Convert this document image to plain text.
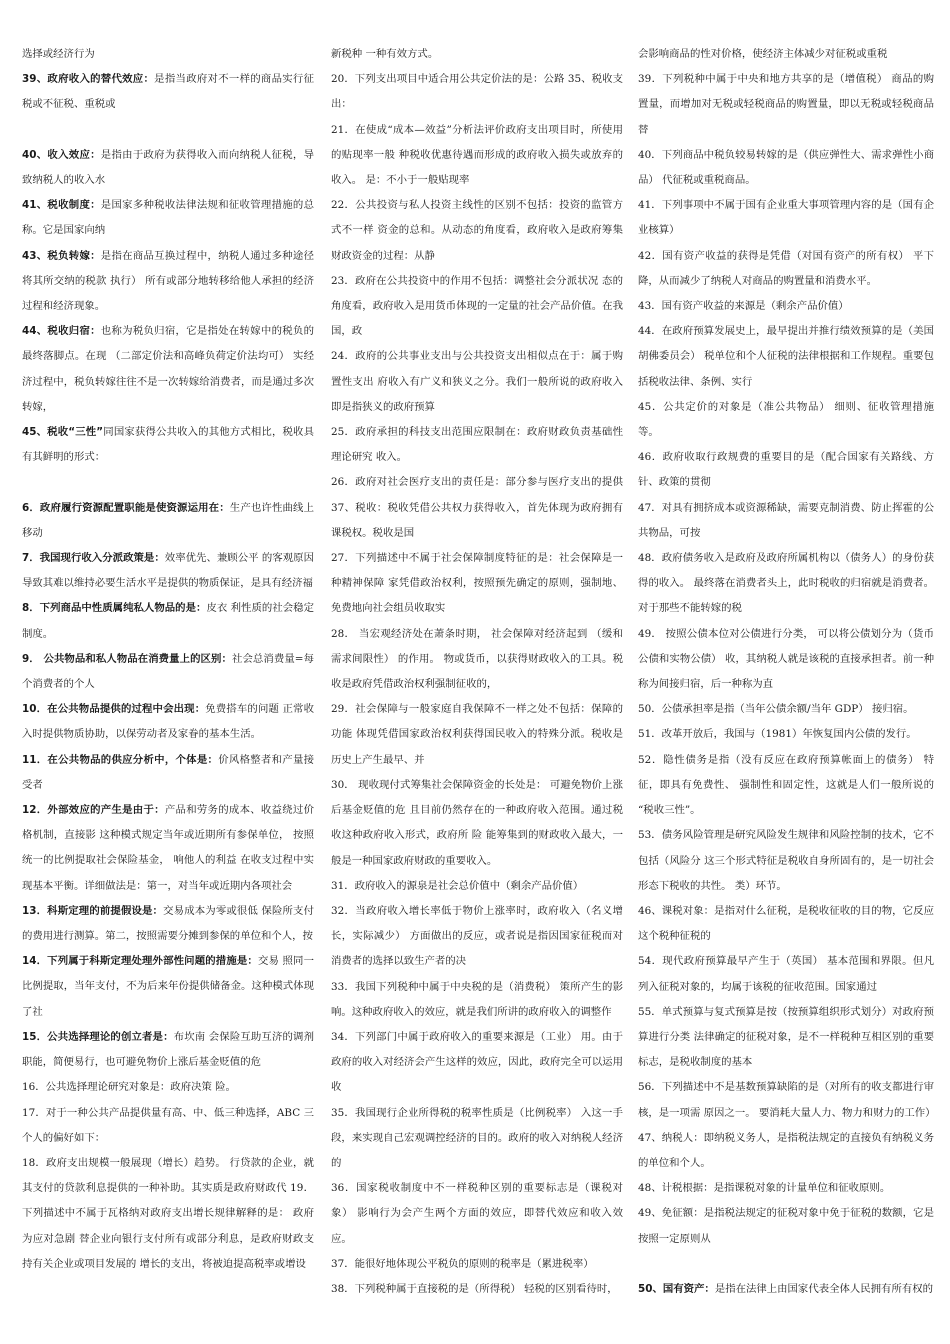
选择或经济行为

39、政府收入的替代效应：是指当政府对不一样的商品实行征税或不征税、重税或

40、收入效应：是指由于政府为获得收入而向纳税人征税，导致纳税人的收入水

41、税收制度：是国家多种税收法律法规和征收管理措施的总称。它是国家向纳

43、税负转嫁：是指在商品互换过程中，纳税人通过多种途径将其所交纳的税款 执行） 所有或部分地转移给他人承担的经济过程和经济现象。

44、税收归宿：也称为税负归宿，它是指处在转嫁中的税负的最终落脚点。在现 （二部定价法和高峰负荷定价法均可） 实经济过程中，税负转嫁往往不是一次转嫁给消费者，而是通过多次转嫁，

45、税收“三性”同国家获得公共收入的其他方式相比，税收具有其鲜明的形式：

6．政府履行资源配置职能是使资源运用在：生产也许性曲线上移动

7．我国现行收入分派政策是：效率优先、兼顾公平 的客观原因导致其难以维持必要生活水平是提供的物质保证，是具有经济福

8．下列商品中性质属纯私人物品的是：皮衣 利性质的社会稳定制度。

9． 公共物品和私人物品在消费量上的区别：社会总消费量=每个消费者的个人

10．在公共物品提供的过程中会出现：免费搭车的问题 正常收入时提供物质协助，以保劳动者及家眷的基本生活。

11．在公共物品的供应分析中，个体是：价风格整者和产量接受者

12．外部效应的产生是由于：产品和劳务的成本、收益绕过价格机制，直接影 这种模式规定当年或近期所有参保单位， 按照统一的比例提取社会保险基金， 响他人的利益 在收支过程中实现基本平衡。详细做法是：第一，对当年或近期内各项社会

13．科斯定理的前提假设是：交易成本为零或很低 保险所支付的费用进行测算。第二，按照需要分摊到参保的单位和个人，按

14．下列属于科斯定理处理外部性问题的措施是：交易 照同一比例提取，当年支付，不为后来年份提供储备金。这种模式体现了社

15．公共选择理论的创立者是：布坎南 会保险互助互济的调剂职能，简便易行，也可避免物价上涨后基金贬值的危

16．公共选择理论研究对象是：政府决策 险。

17．对于一种公共产品提供量有高、中、低三种选择，ABC 三个人的偏好如下：

18．政府支出规模一般展现（增长）趋势。 行贷款的企业，就其支付的贷款利息提供的一种补助。其实质是政府财政代 19．下列描述中不属于瓦格纳对政府支出增长规律解释的是： 政府为应对急剧 替企业向银行支付所有或部分利息，是政府财政支持有关企业或项目发展的 增长的支出，将被迫提高税率或增设

新税种 一种有效方式。

20．下列支出项目中适合用公共定价法的是：公路 35、税收支出：

21．在使成“成本—效益”分析法评价政府支出项目时，所使用的贴现率一般 种税收优惠待遇而形成的政府收入损失或放弃的收入。 是：不小于一般贴现率

22．公共投资与私人投资主线性的区别不包括：投资的监管方式不一样 资金的总和。从动态的角度看，政府收入是政府筹集财政资金的过程：从静

23．政府在公共投资中的作用不包括：调整社会分派状况 态的角度看，政府收入是用货币体现的一定量的社会产品价值。在我国，政

24．政府的公共事业支出与公共投资支出相似点在于：属于购置性支出 府收入有广义和狭义之分。我们一般所说的政府收入即是指狭义的政府预算

25．政府承担的科技支出范围应限制在：政府财政负责基础性理论研究 收入。

26．政府对社会医疗支出的责任是：部分参与医疗支出的提供 37、税收：税收凭借公共权力获得收入，首先体现为政府拥有课税权。税收是国

27．下列描述中不属于社会保障制度特征的是：社会保障是一种精神保障 家凭借政治权利，按照预先确定的原则，强制地、免费地向社会组员收取实

28． 当宏观经济处在萧条时期， 社会保障对经济起到 （缓和需求间限性） 的作用。 物或货币，以获得财政收入的工具。税收是政府凭借政治权利强制征收的，

29．社会保障与一般家庭自我保障不一样之处不包括：保障的功能 体现凭借国家政治权利获得国民收入的特殊分派。税收是历史上产生最早、并

30． 现收现付式筹集社会保障资金的长处是： 可避免物价上涨后基金贬值的危 且目前仍然存在的一种政府收入范围。通过税收这种政府收入形式，政府所 险 能筹集到的财政收入最大，一般是一种国家政府财政的重要收入。

31．政府收入的源泉是社会总价值中（剩余产品价值）

32．当政府收入增长率低于物价上涨率时，政府收入（名义增长，实际减少） 方面做出的反应，或者说是指因国家征税而对消费者的选择以致生产者的决

33．我国下列税种中属于中央税的是（消费税） 策所产生的影响。这种政府收入的效应，就是我们所讲的政府收入的调整作

34．下列部门中属于政府收入的重要来源是（工业） 用。由于政府的收入对经济会产生这样的效应，因此，政府完全可以运用收

35．我国现行企业所得税的税率性质是（比例税率） 入这一手段，来实现自己宏观调控经济的目的。政府的收入对纳税人经济的

36．国家税收制度中不一样税种区别的重要标志是（课税对象） 影响行为会产生两个方面的效应，即替代效应和收入效应。

37．能很好地体现公平税负的原则的税率是（累进税率）

38．下列税种属于直接税的是（所得税） 轻税的区别看待时，

会影响商品的性对价格，使经济主体减少对征税或重税

39．下列税种中属于中央和地方共享的是（增值税） 商品的购置量，而增加对无税或轻税商品的购置量，即以无税或轻税商品替

40．下列商品中税负较易转嫁的是（供应弹性大、需求弹性小商品） 代征税或重税商品。

41．下列事项中不属于国有企业重大事项管理内容的是（国有企业核算）

42．国有资产收益的获得是凭借（对国有资产的所有权） 平下降，从而减少了纳税人对商品的购置量和消费水平。

43．国有资产收益的来源是（剩余产品价值）

44．在政府预算发展史上，最早提出并推行绩效预算的是（美国胡佛委员会） 税单位和个人征税的法律根据和工作规程。重要包括税收法律、条例、实行

45．公共定价的对象是（准公共物品） 细则、征收管理措施等。

46．政府收取行政规费的重要目的是（配合国家有关路线、方针、政策的贯彻

47．对具有拥挤成本或资源稀缺，需要克制消费、防止挥霍的公共物品，可按

48．政府债务收入是政府及政府所属机构以（债务人）的身份获得的收入。 最终落在消费者头上，此时税收的归宿就是消费者。对于那些不能转嫁的税

49． 按照公债本位对公债进行分类， 可以将公债划分为（货币公债和实物公债） 收，其纳税人就是该税的直接承担者。前一种称为间接归宿，后一种称为直

50．公债承担率是指（当年公债余额/当年 GDP） 接归宿。

51．改革开放后，我国与（1981）年恢复国内公债的发行。

52．隐性债务是指（没有反应在政府预算帐面上的债务） 特征，即具有免费性、 强制性和固定性，这就是人们一般所说的 “税收三性”。

53．债务风险管理是研究风险发生规律和风险控制的技术，它不包括（风险分 这三个形式特征是税收自身所固有的，是一切社会形态下税收的共性。 类）环节。

46、课税对象：是指对什么征税，是税收征收的目的物，它反应这个税种征税的

54．现代政府预算最早产生于（英国） 基本范围和界限。但凡列入征税对象的，均属于该税的征收范围。国家通过

55．单式预算与复式预算是按（按预算组织形式划分）对政府预算进行分类 法律确定的征税对象，是不一样税种互相区别的重要标志，是税收制度的基本

56．下列描述中不是基数预算缺陷的是（对所有的收支都进行审核，是一项需 原因之一。 要消耗大量人力、物力和财力的工作）

47、纳税人：即纳税义务人，是指税法规定的直接负有纳税义务的单位和个人。

48、计税根据：是指课税对象的计量单位和征收原则。

49、免征额：是指税法规定的征税对象中免于征税的数额，它是按照一定原则从

50、国有资产：是指在法律上由国家代表全体人民拥有所有权的
